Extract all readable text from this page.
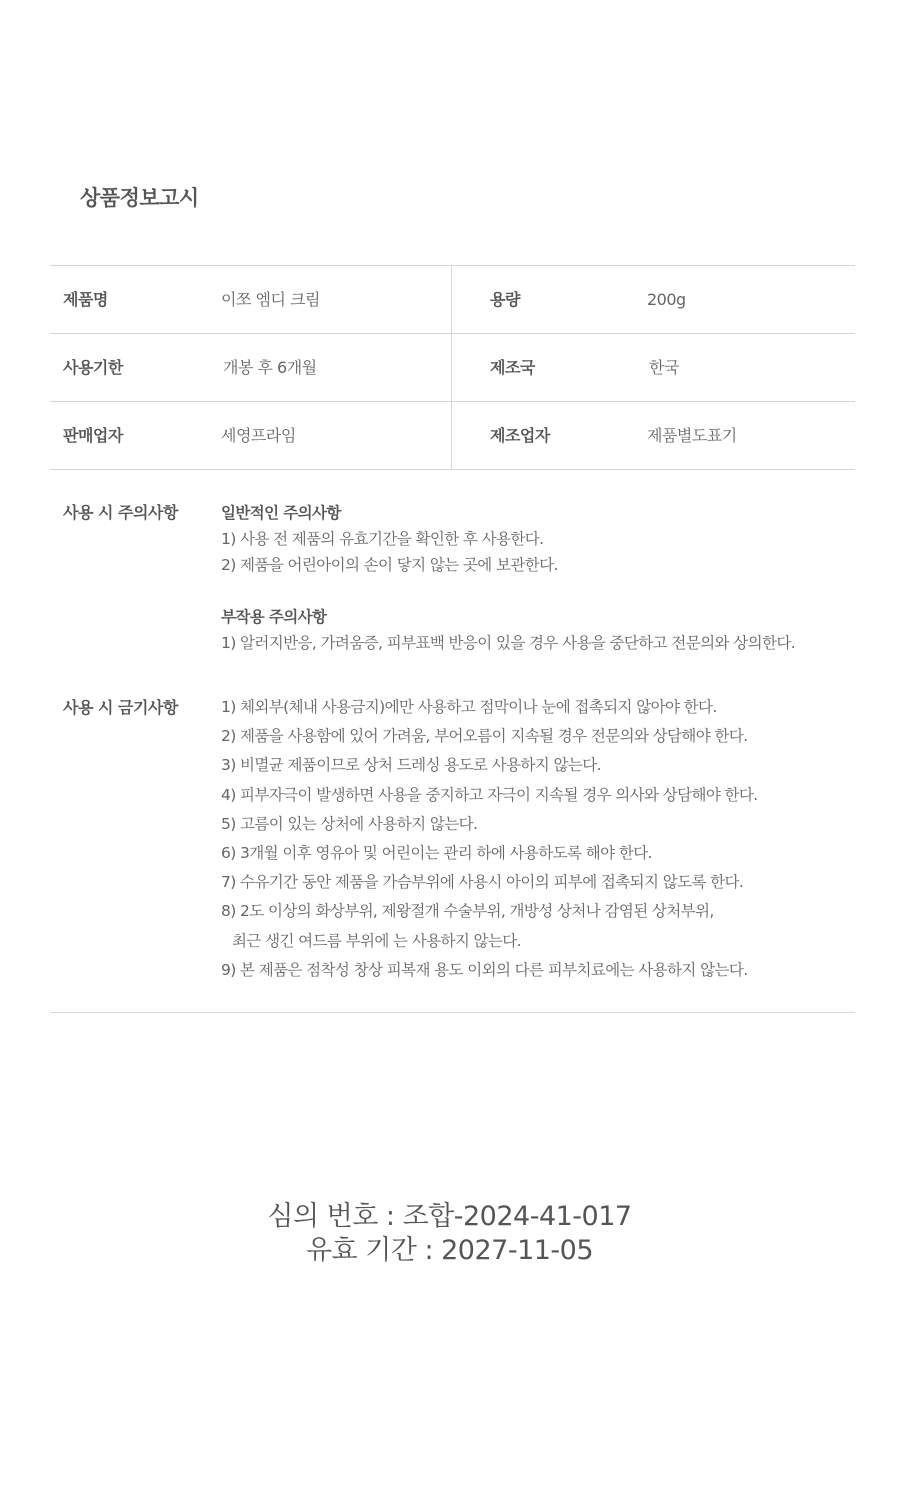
상품정보고시
제품명	이쪼 엠디 크림	용량	200g
사용기한	개봉 후 6개월	제조국	한국
판매업자	세영프라임	제조업자	제품별도표기
사용 시 주의사항	일반적인 주의사항
1) 사용 전 제품의 유효기간을 확인한 후 사용한다.
2) 제품을 어린아이의 손이 닿지 않는 곳에 보관한다.
부작용 주의사항
1) 알러지반응, 가려움증, 피부표백 반응이 있을 경우 사용을 중단하고 전문의와 상의한다.
사용 시 금기사항	1) 체외부(체내 사용금지)에만 사용하고 점막이나 눈에 접촉되지 않아야 한다.
2) 제품을 사용함에 있어 가려움, 부어오름이 지속될 경우 전문의와 상담해야 한다.
3) 비멸균 제품이므로 상처 드레싱 용도로 사용하지 않는다.
4) 피부자극이 발생하면 사용을 중지하고 자극이 지속될 경우 의사와 상담해야 한다.
5) 고름이 있는 상처에 사용하지 않는다.
6) 3개월 이후 영유아 및 어린이는 관리 하에 사용하도록 해야 한다.
7) 수유기간 동안 제품을 가슴부위에 사용시 아이의 피부에 접촉되지 않도록 한다.
8) 2도 이상의 화상부위, 제왕절개 수술부위, 개방성 상처나 감염된 상처부위,
최근 생긴 여드름 부위에 는 사용하지 않는다.
9) 본 제품은 점착성 창상 피복재 용도 이외의 다른 피부치료에는 사용하지 않는다.
심의 번호 : 조합-2024-41-017
유효 기간 : 2027-11-05
